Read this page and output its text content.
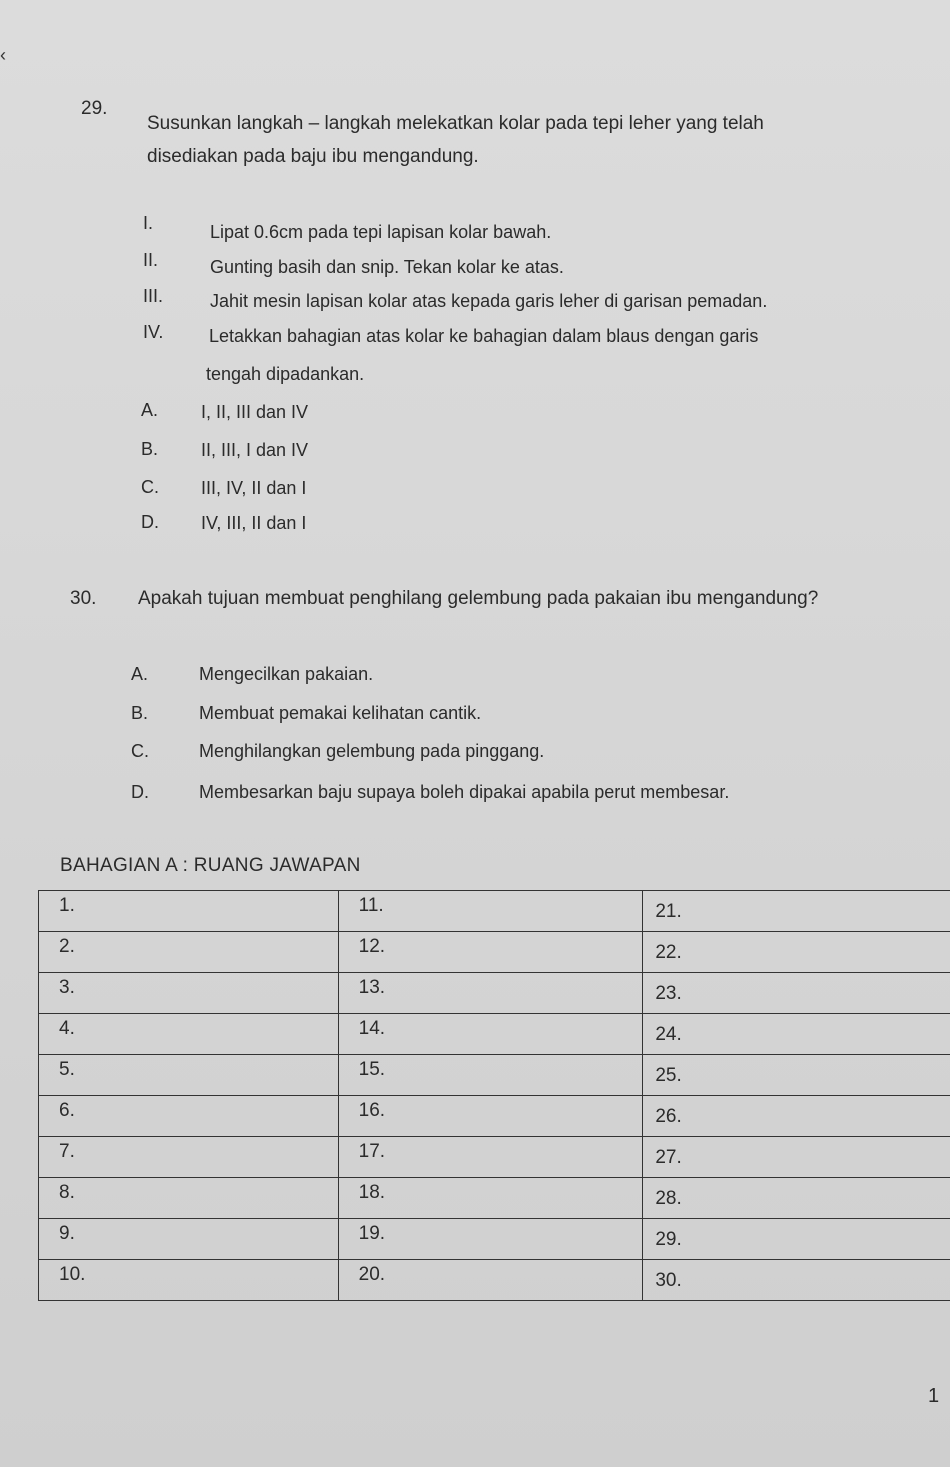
‹
29.
Susunkan langkah – langkah melekatkan kolar pada tepi leher yang telah
disediakan pada baju ibu mengandung.
I.	Lipat 0.6cm pada tepi lapisan kolar bawah.
II.	Gunting basih dan snip. Tekan kolar ke atas.
III.	Jahit mesin lapisan kolar atas kepada garis leher di garisan pemadan.
IV.	Letakkan bahagian atas kolar ke bahagian dalam blaus dengan garis
tengah dipadankan.
A. I, II, III dan IV
B. II, III, I dan IV
C. III, IV, II dan I
D. IV, III, II dan I
30. Apakah tujuan membuat penghilang gelembung pada pakaian ibu mengandung?
A.	Mengecilkan pakaian.
B.	Membuat pemakai kelihatan cantik.
C.	Menghilangkan gelembung pada pinggang.
D.	Membesarkan baju supaya boleh dipakai apabila perut membesar.
BAHAGIAN A : RUANG JAWAPAN
1.	11.	21.
2.	12.	22.
3.	13.	23.
4.	14.	24.
5.	15.	25.
6.	16.	26.
7.	17.	27.
8.	18.	28.
9.	19.	29.
10.	20.	30.
1
